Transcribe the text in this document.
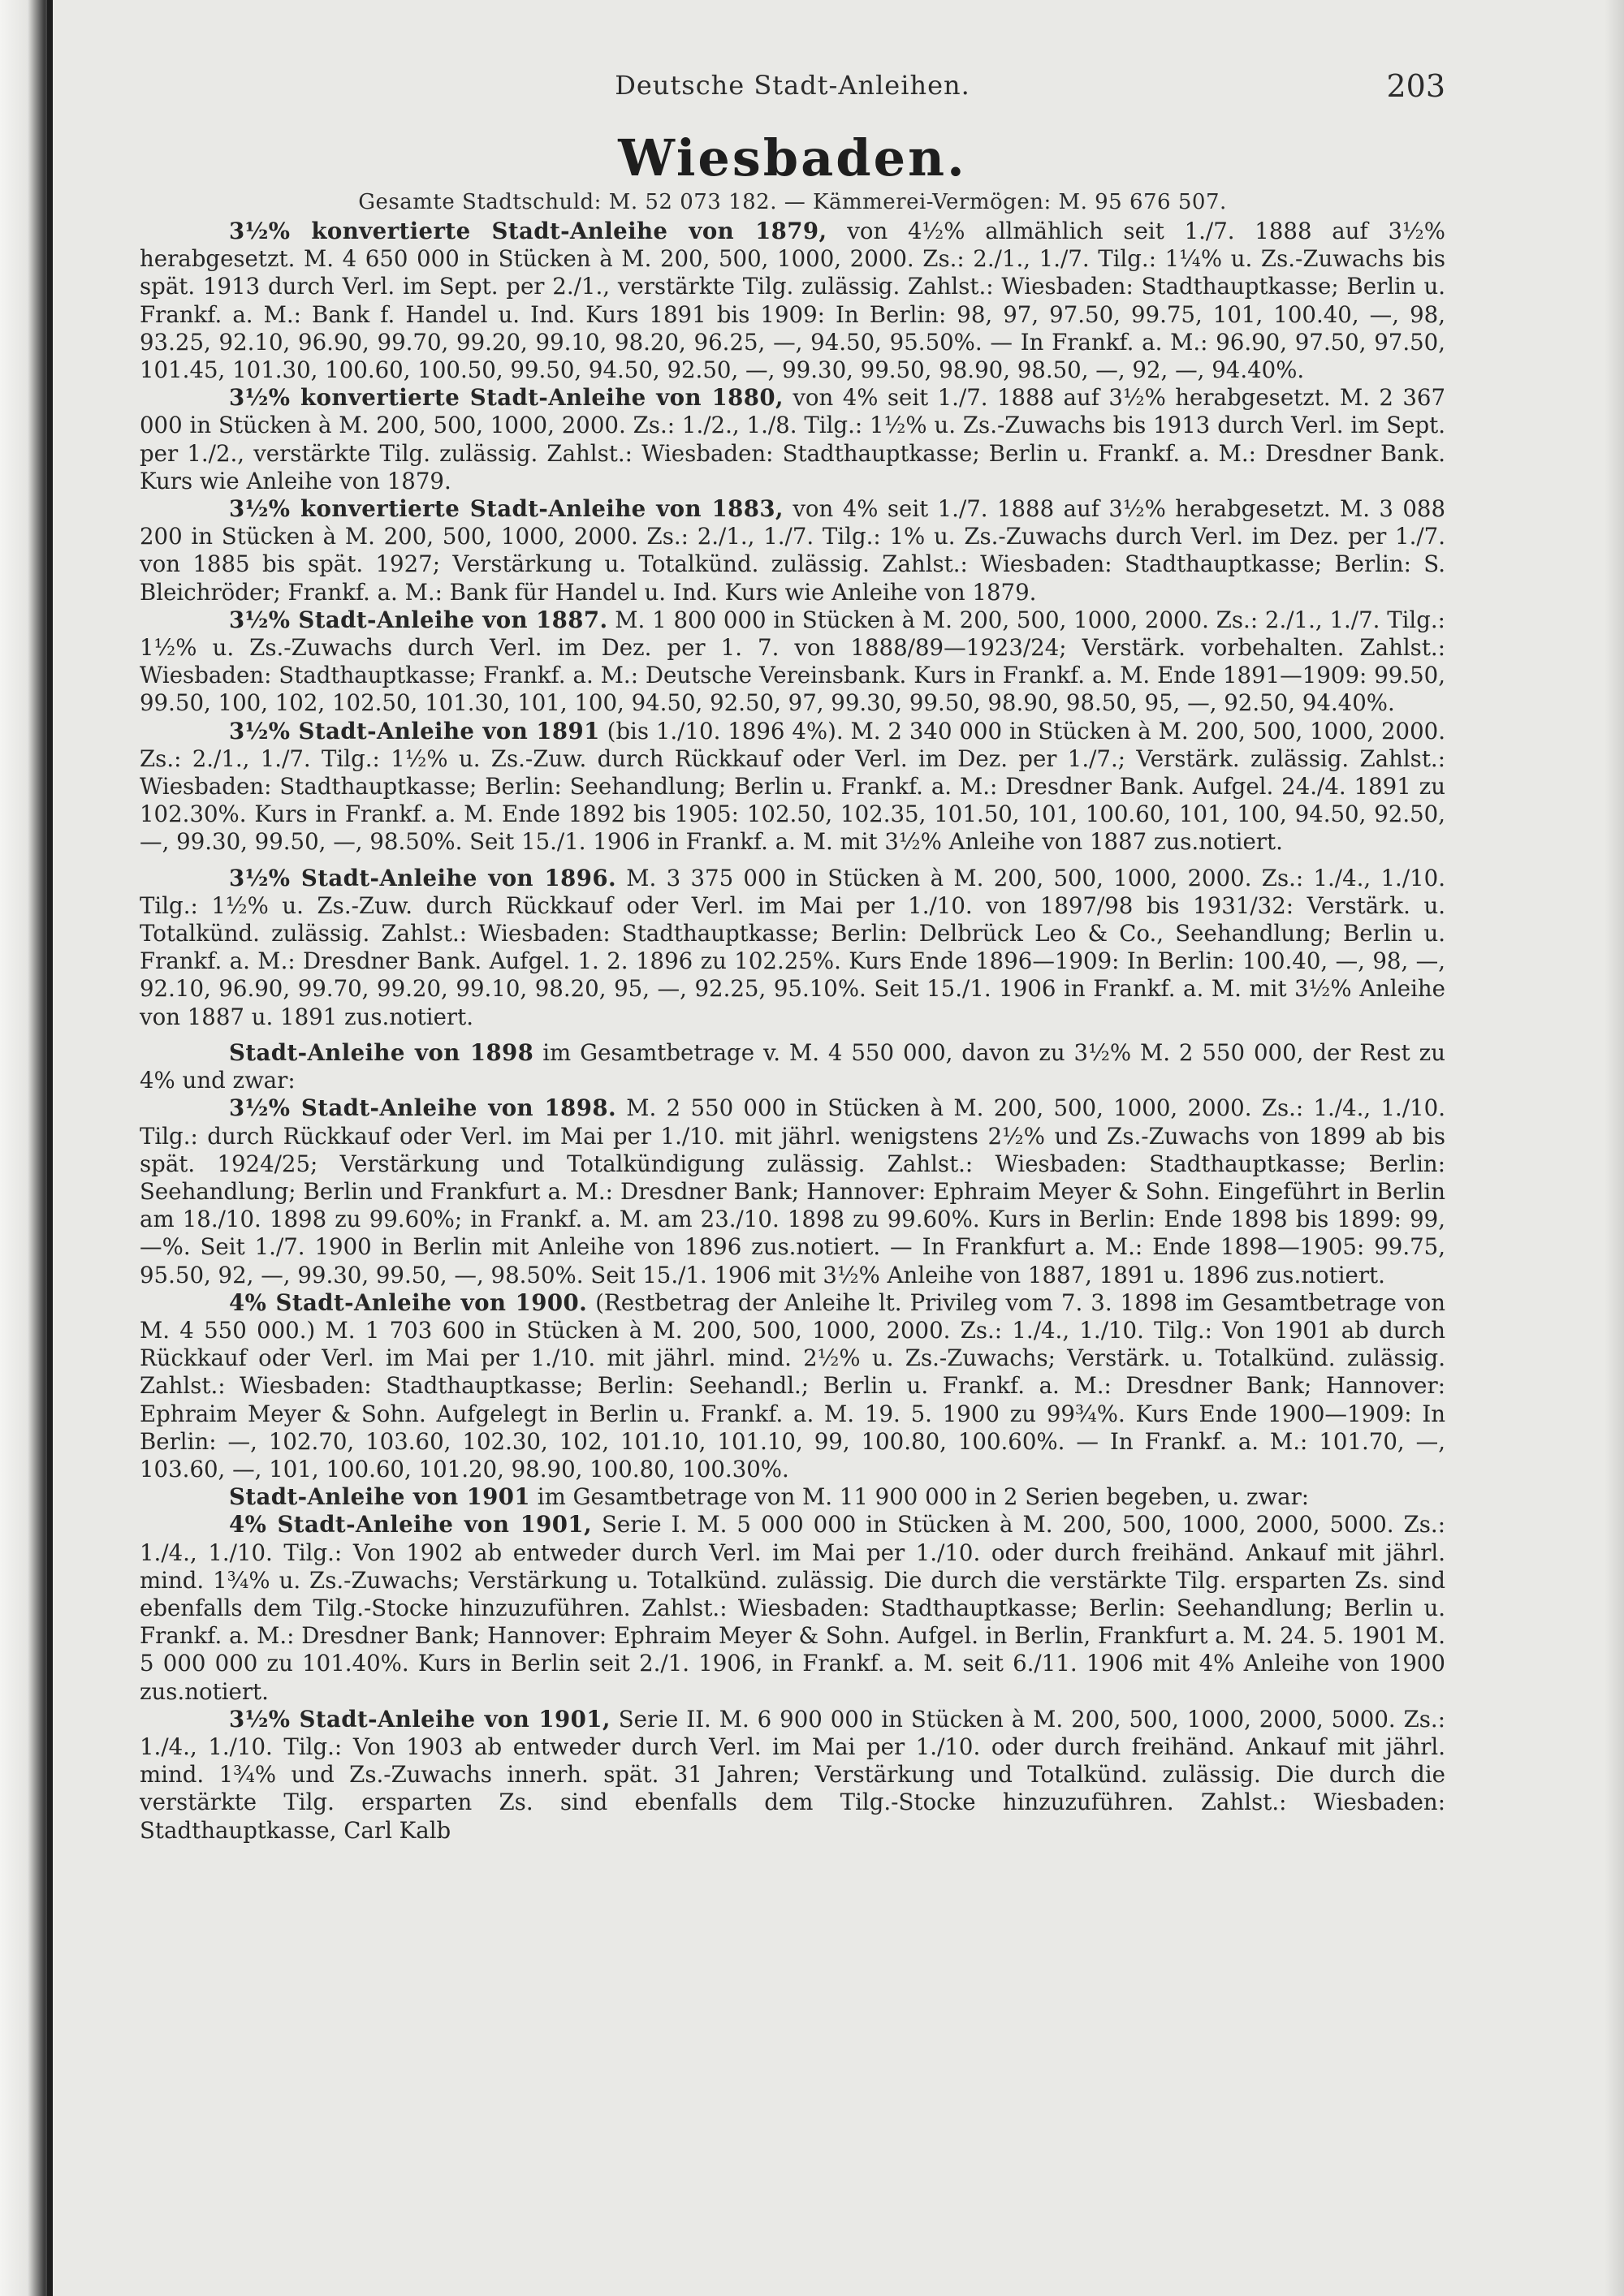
Deutsche Stadt-Anleihen.	203
Wiesbaden.
Gesamte Stadtschuld: M. 52 073 182. — Kämmerei-Vermögen: M. 95 676 507.

3½% konvertierte Stadt-Anleihe von 1879, von 4½% allmählich seit 1./7. 1888 auf 3½% herabgesetzt. M. 4 650 000 in Stücken à M. 200, 500, 1000, 2000. Zs.: 2./1., 1./7. Tilg.: 1¼% u. Zs.-Zuwachs bis spät. 1913 durch Verl. im Sept. per 2./1., verstärkte Tilg. zulässig. Zahlst.: Wiesbaden: Stadthauptkasse; Berlin u. Frankf. a. M.: Bank f. Handel u. Ind. Kurs 1891 bis 1909: In Berlin: 98, 97, 97.50, 99.75, 101, 100.40, —, 98, 93.25, 92.10, 96.90, 99.70, 99.20, 99.10, 98.20, 96.25, —, 94.50, 95.50%. — In Frankf. a. M.: 96.90, 97.50, 97.50, 101.45, 101.30, 100.60, 100.50, 99.50, 94.50, 92.50, —, 99.30, 99.50, 98.90, 98.50, —, 92, —, 94.40%.

3½% konvertierte Stadt-Anleihe von 1880, von 4% seit 1./7. 1888 auf 3½% herabgesetzt. M. 2 367 000 in Stücken à M. 200, 500, 1000, 2000. Zs.: 1./2., 1./8. Tilg.: 1½% u. Zs.-Zuwachs bis 1913 durch Verl. im Sept. per 1./2., verstärkte Tilg. zulässig. Zahlst.: Wiesbaden: Stadthauptkasse; Berlin u. Frankf. a. M.: Dresdner Bank. Kurs wie Anleihe von 1879.

3½% konvertierte Stadt-Anleihe von 1883, von 4% seit 1./7. 1888 auf 3½% herabgesetzt. M. 3 088 200 in Stücken à M. 200, 500, 1000, 2000. Zs.: 2./1., 1./7. Tilg.: 1% u. Zs.-Zuwachs durch Verl. im Dez. per 1./7. von 1885 bis spät. 1927; Verstärkung u. Totalkünd. zulässig. Zahlst.: Wiesbaden: Stadthauptkasse; Berlin: S. Bleichröder; Frankf. a. M.: Bank für Handel u. Ind. Kurs wie Anleihe von 1879.

3½% Stadt-Anleihe von 1887. M. 1 800 000 in Stücken à M. 200, 500, 1000, 2000. Zs.: 2./1., 1./7. Tilg.: 1½% u. Zs.-Zuwachs durch Verl. im Dez. per 1. 7. von 1888/89—1923/24; Verstärk. vorbehalten. Zahlst.: Wiesbaden: Stadthauptkasse; Frankf. a. M.: Deutsche Vereinsbank. Kurs in Frankf. a. M. Ende 1891—1909: 99.50, 99.50, 100, 102, 102.50, 101.30, 101, 100, 94.50, 92.50, 97, 99.30, 99.50, 98.90, 98.50, 95, —, 92.50, 94.40%.

3½% Stadt-Anleihe von 1891 (bis 1./10. 1896 4%). M. 2 340 000 in Stücken à M. 200, 500, 1000, 2000. Zs.: 2./1., 1./7. Tilg.: 1½% u. Zs.-Zuw. durch Rückkauf oder Verl. im Dez. per 1./7.; Verstärk. zulässig. Zahlst.: Wiesbaden: Stadthauptkasse; Berlin: Seehandlung; Berlin u. Frankf. a. M.: Dresdner Bank. Aufgel. 24./4. 1891 zu 102.30%. Kurs in Frankf. a. M. Ende 1892 bis 1905: 102.50, 102.35, 101.50, 101, 100.60, 101, 100, 94.50, 92.50, —, 99.30, 99.50, —, 98.50%. Seit 15./1. 1906 in Frankf. a. M. mit 3½% Anleihe von 1887 zus.notiert.

3½% Stadt-Anleihe von 1896. M. 3 375 000 in Stücken à M. 200, 500, 1000, 2000. Zs.: 1./4., 1./10. Tilg.: 1½% u. Zs.-Zuw. durch Rückkauf oder Verl. im Mai per 1./10. von 1897/98 bis 1931/32: Verstärk. u. Totalkünd. zulässig. Zahlst.: Wiesbaden: Stadthauptkasse; Berlin: Delbrück Leo & Co., Seehandlung; Berlin u. Frankf. a. M.: Dresdner Bank. Aufgel. 1. 2. 1896 zu 102.25%. Kurs Ende 1896—1909: In Berlin: 100.40, —, 98, —, 92.10, 96.90, 99.70, 99.20, 99.10, 98.20, 95, —, 92.25, 95.10%. Seit 15./1. 1906 in Frankf. a. M. mit 3½% Anleihe von 1887 u. 1891 zus.notiert.

Stadt-Anleihe von 1898 im Gesamtbetrage v. M. 4 550 000, davon zu 3½% M. 2 550 000, der Rest zu 4% und zwar:

3½% Stadt-Anleihe von 1898. M. 2 550 000 in Stücken à M. 200, 500, 1000, 2000. Zs.: 1./4., 1./10. Tilg.: durch Rückkauf oder Verl. im Mai per 1./10. mit jährl. wenigstens 2½% und Zs.-Zuwachs von 1899 ab bis spät. 1924/25; Verstärkung und Totalkündigung zulässig. Zahlst.: Wiesbaden: Stadthauptkasse; Berlin: Seehandlung; Berlin und Frankfurt a. M.: Dresdner Bank; Hannover: Ephraim Meyer & Sohn. Eingeführt in Berlin am 18./10. 1898 zu 99.60%; in Frankf. a. M. am 23./10. 1898 zu 99.60%. Kurs in Berlin: Ende 1898 bis 1899: 99, —%. Seit 1./7. 1900 in Berlin mit Anleihe von 1896 zus.notiert. — In Frankfurt a. M.: Ende 1898—1905: 99.75, 95.50, 92, —, 99.30, 99.50, —, 98.50%. Seit 15./1. 1906 mit 3½% Anleihe von 1887, 1891 u. 1896 zus.notiert.

4% Stadt-Anleihe von 1900. (Restbetrag der Anleihe lt. Privileg vom 7. 3. 1898 im Gesamtbetrage von M. 4 550 000.) M. 1 703 600 in Stücken à M. 200, 500, 1000, 2000. Zs.: 1./4., 1./10. Tilg.: Von 1901 ab durch Rückkauf oder Verl. im Mai per 1./10. mit jährl. mind. 2½% u. Zs.-Zuwachs; Verstärk. u. Totalkünd. zulässig. Zahlst.: Wiesbaden: Stadthauptkasse; Berlin: Seehandl.; Berlin u. Frankf. a. M.: Dresdner Bank; Hannover: Ephraim Meyer & Sohn. Aufgelegt in Berlin u. Frankf. a. M. 19. 5. 1900 zu 99¾%. Kurs Ende 1900—1909: In Berlin: —, 102.70, 103.60, 102.30, 102, 101.10, 101.10, 99, 100.80, 100.60%. — In Frankf. a. M.: 101.70, —, 103.60, —, 101, 100.60, 101.20, 98.90, 100.80, 100.30%.

Stadt-Anleihe von 1901 im Gesamtbetrage von M. 11 900 000 in 2 Serien begeben, u. zwar:

4% Stadt-Anleihe von 1901, Serie I. M. 5 000 000 in Stücken à M. 200, 500, 1000, 2000, 5000. Zs.: 1./4., 1./10. Tilg.: Von 1902 ab entweder durch Verl. im Mai per 1./10. oder durch freihänd. Ankauf mit jährl. mind. 1¾% u. Zs.-Zuwachs; Verstärkung u. Totalkünd. zulässig. Die durch die verstärkte Tilg. ersparten Zs. sind ebenfalls dem Tilg.-Stocke hinzuzuführen. Zahlst.: Wiesbaden: Stadthauptkasse; Berlin: Seehandlung; Berlin u. Frankf. a. M.: Dresdner Bank; Hannover: Ephraim Meyer & Sohn. Aufgel. in Berlin, Frankfurt a. M. 24. 5. 1901 M. 5 000 000 zu 101.40%. Kurs in Berlin seit 2./1. 1906, in Frankf. a. M. seit 6./11. 1906 mit 4% Anleihe von 1900 zus.notiert.

3½% Stadt-Anleihe von 1901, Serie II. M. 6 900 000 in Stücken à M. 200, 500, 1000, 2000, 5000. Zs.: 1./4., 1./10. Tilg.: Von 1903 ab entweder durch Verl. im Mai per 1./10. oder durch freihänd. Ankauf mit jährl. mind. 1¾% und Zs.-Zuwachs innerh. spät. 31 Jahren; Verstärkung und Totalkünd. zulässig. Die durch die verstärkte Tilg. ersparten Zs. sind ebenfalls dem Tilg.-Stocke hinzuzuführen. Zahlst.: Wiesbaden: Stadthauptkasse, Carl Kalb
